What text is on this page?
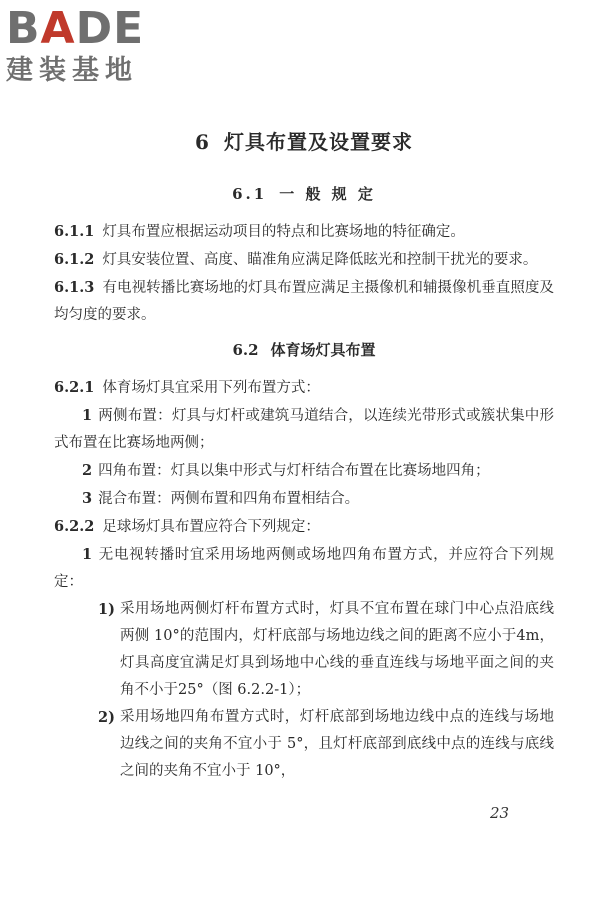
BADE
建装基地
6 灯具布置及设置要求
6.1 一 般 规 定

6.1.1 灯具布置应根据运动项目的特点和比赛场地的特征确定。

6.1.2 灯具安装位置、高度、瞄准角应满足降低眩光和控制干扰光的要求。

6.1.3 有电视转播比赛场地的灯具布置应满足主摄像机和辅摄像机垂直照度及均匀度的要求。

6.2 体育场灯具布置

6.2.1 体育场灯具宜采用下列布置方式：

1 两侧布置：灯具与灯杆或建筑马道结合，以连续光带形式或簇状集中形式布置在比赛场地两侧；

2 四角布置：灯具以集中形式与灯杆结合布置在比赛场地四角；

3 混合布置：两侧布置和四角布置相结合。

6.2.2 足球场灯具布置应符合下列规定：

1 无电视转播时宜采用场地两侧或场地四角布置方式，并应符合下列规定：

1) 采用场地两侧灯杆布置方式时，灯具不宜布置在球门中心点沿底线两侧 10°的范围内，灯杆底部与场地边线之间的距离不应小于4m，灯具高度宜满足灯具到场地中心线的垂直连线与场地平面之间的夹角不小于25°（图 6.2.2-1）；
2) 采用场地四角布置方式时，灯杆底部到场地边线中点的连线与场地边线之间的夹角不宜小于 5°，且灯杆底部到底线中点的连线与底线之间的夹角不宜小于 10°，
23
